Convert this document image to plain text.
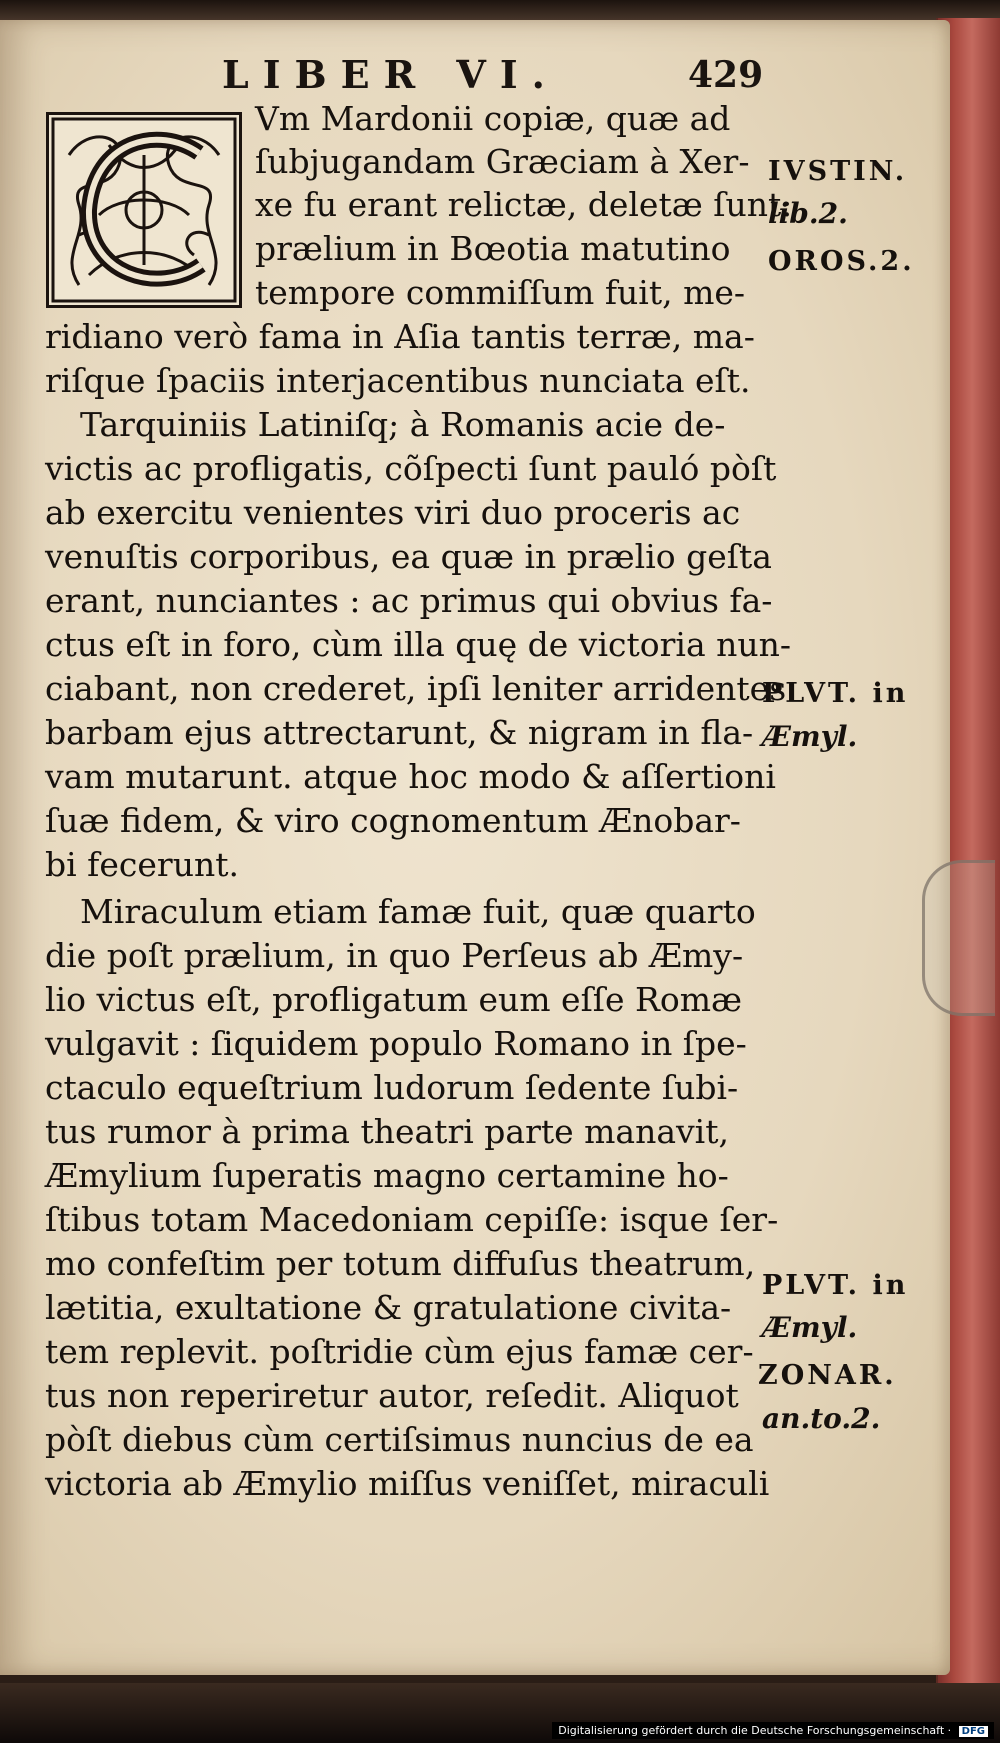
LIBER VI.	429
Vm Mardonii copiæ, quæ ad
ſubjugandam Græciam à Xer-
xe fu erant relictæ, deletæ ſunt:
prælium in Bœotia matutino
tempore commiſſum fuit, me-
ridiano verò fama in Aſia tantis terræ, ma-
riſque ſpaciis interjacentibus nunciata eſt.
Tarquiniis Latiniſq; à Romanis acie de-
victis ac profligatis, cõſpecti ſunt pauló pòſt
ab exercitu venientes viri duo proceris ac
venuſtis corporibus, ea quæ in prælio geſta
erant, nunciantes : ac primus qui obvius fa-
ctus eſt in foro, cùm illa quę de victoria nun-
ciabant, non crederet, ipſi leniter arridentes
barbam ejus attrectarunt, & nigram in fla-
vam mutarunt. atque hoc modo & aſſertioni
ſuæ fidem, & viro cognomentum Ænobar-
bi fecerunt.
Miraculum etiam famæ fuit, quæ quarto
die poſt prælium, in quo Perſeus ab Æmy-
lio victus eſt, profligatum eum eſſe Romæ
vulgavit : ſiquidem populo Romano in ſpe-
ctaculo equeſtrium ludorum ſedente ſubi-
tus rumor à prima theatri parte manavit,
Æmylium ſuperatis magno certamine ho-
ſtibus totam Macedoniam cepiſſe: isque ſer-
mo confeſtim per totum diffuſus theatrum,
lætitia, exultatione & gratulatione civita-
tem replevit. poſtridie cùm ejus famæ cer-
tus non reperiretur autor, reſedit. Aliquot
pòſt diebus cùm certiſsimus nuncius de ea
victoria ab Æmylio miſſus veniſſet, miraculi
IVSTIN.
lib.2.
OROS.2.
PLVT. in
Æmyl.
PLVT. in
Æmyl.
ZONAR.
an.to.2.
Digitalisierung gefördert durch die Deutsche Forschungsgemeinschaft · DFG
